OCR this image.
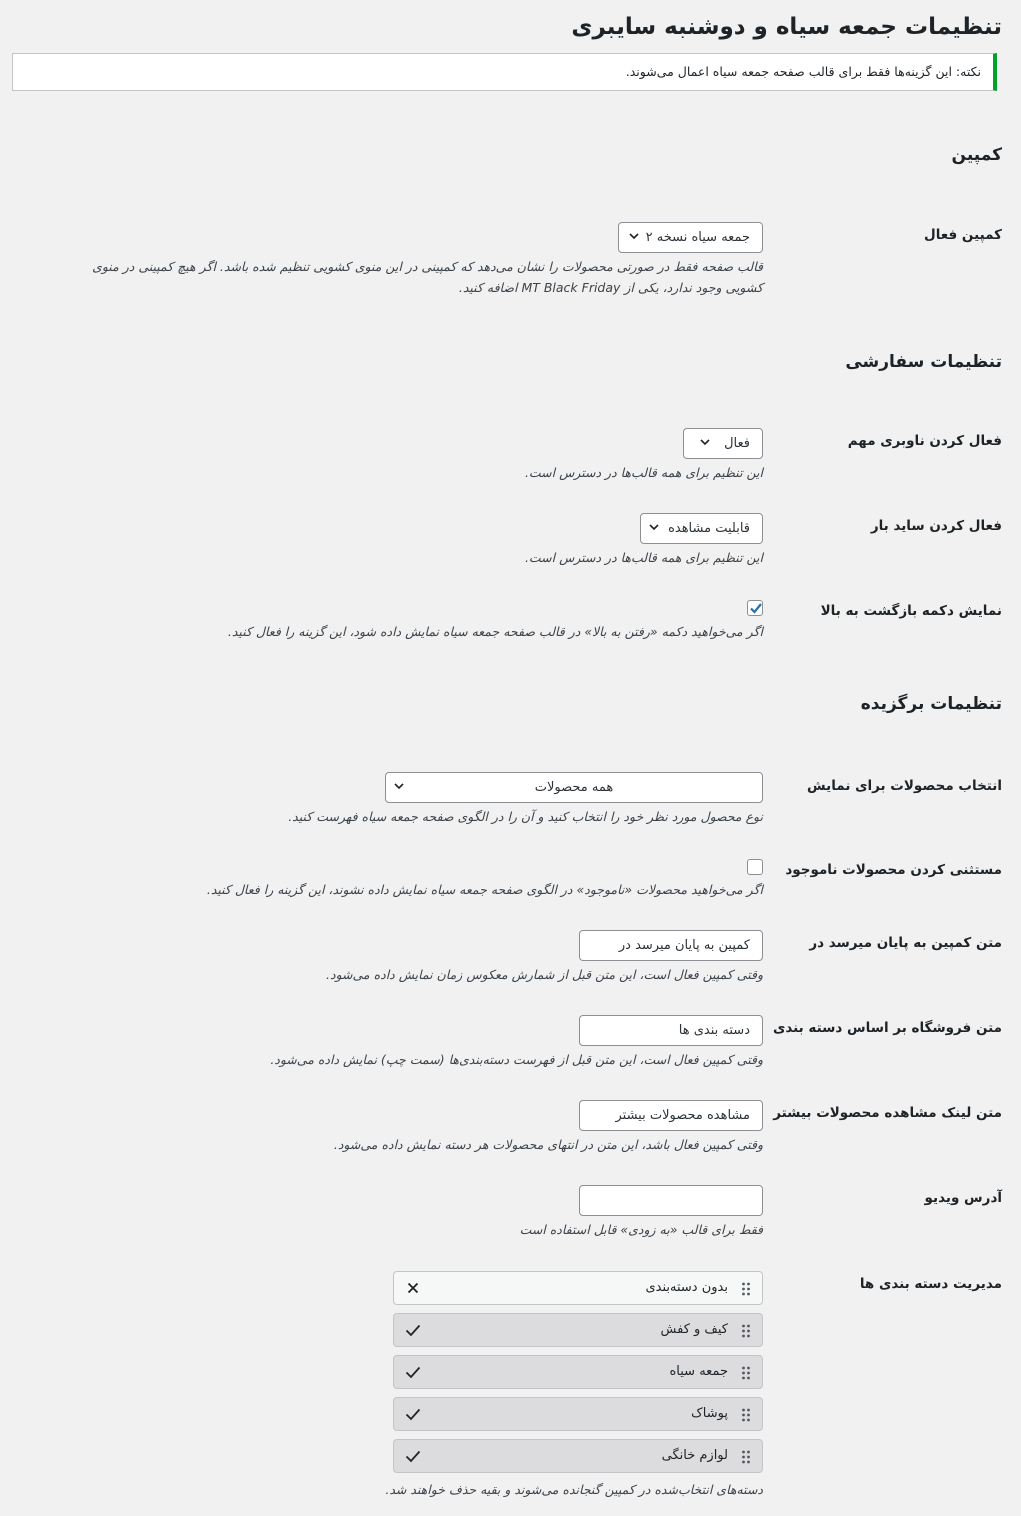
تنظیمات جمعه سیاه و دوشنبه سایبری
نکته: این گزینه‌ها فقط برای قالب صفحه جمعه سیاه اعمال می‌شوند.
کمپین
کمپین فعال
جمعه سیاه نسخه ۲
قالب صفحه فقط در صورتی محصولات را نشان می‌دهد که کمپینی در این منوی کشویی تنظیم شده باشد. اگر هیچ کمپینی در منوی
کشویی وجود ندارد، یکی از MT Black Friday اضافه کنید.
تنظیمات سفارشی
فعال کردن ناوبری مهم
فعال
این تنظیم برای همه قالب‌ها در دسترس است.
فعال کردن ساید بار
قابلیت مشاهده
این تنظیم برای همه قالب‌ها در دسترس است.
نمایش دکمه بازگشت به بالا
اگر می‌خواهید دکمه «رفتن به بالا» در قالب صفحه جمعه سیاه نمایش داده شود، این گزینه را فعال کنید.
تنظیمات برگزیده
انتخاب محصولات برای نمایش
همه محصولات
نوع محصول مورد نظر خود را انتخاب کنید و آن را در الگوی صفحه جمعه سیاه فهرست کنید.
مستثنی کردن محصولات ناموجود
اگر می‌خواهید محصولات «ناموجود» در الگوی صفحه جمعه سیاه نمایش داده نشوند، این گزینه را فعال کنید.
متن کمپین به پایان میرسد در
کمپین به پایان میرسد در
وقتی کمپین فعال است، این متن قبل از شمارش معکوس زمان نمایش داده می‌شود.
متن فروشگاه بر اساس دسته بندی
دسته بندی ها
وقتی کمپین فعال است، این متن قبل از فهرست دسته‌بندی‌ها (سمت چپ) نمایش داده می‌شود.
متن لینک مشاهده محصولات بیشتر
مشاهده محصولات بیشتر
وقتی کمپین فعال باشد، این متن در انتهای محصولات هر دسته نمایش داده می‌شود.
آدرس ویدیو
فقط برای قالب «به زودی» قابل استفاده است
مدیریت دسته بندی ها
بدون دسته‌بندی
کیف و کفش
جمعه سیاه
پوشاک
لوازم خانگی
دسته‌های انتخاب‌شده در کمپین گنجانده می‌شوند و بقیه حذف خواهند شد.
